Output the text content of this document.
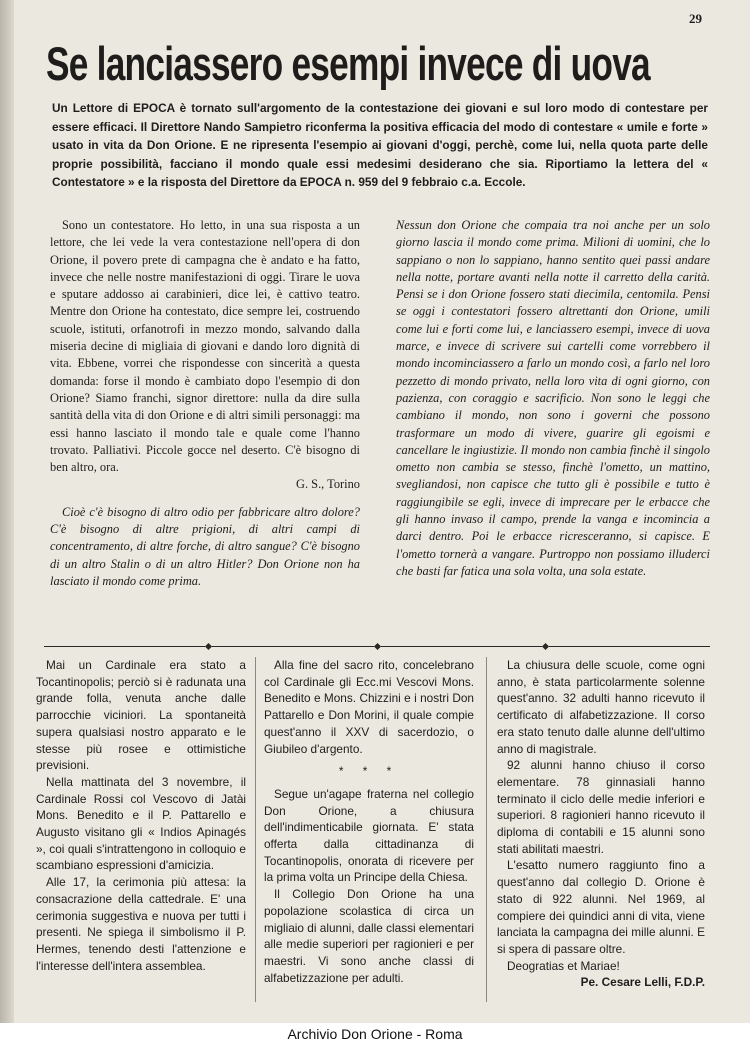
29
Se lanciassero esempi invece di uova

Un Lettore di EPOCA è tornato sull'argomento de la contestazione dei giovani e sul loro modo di contestare per essere efficaci. Il Direttore Nando Sampietro riconferma la positiva efficacia del modo di contestare « umile e forte » usato in vita da Don Orione. E ne ripresenta l'esempio ai giovani d'oggi, perchè, come lui, nella quota parte delle proprie possibilità, facciano il mondo quale essi medesimi desiderano che sia. Riportiamo la lettera del « Contestatore » e la risposta del Direttore da EPOCA n. 959 del 9 febbraio c.a. Eccole.

Sono un contestatore. Ho letto, in una sua risposta a un lettore, che lei vede la vera contestazione nell'opera di don Orione, il povero prete di campagna che è andato e ha fatto, invece che nelle nostre manifestazioni di oggi. Tirare le uova e sputare addosso ai carabinieri, dice lei, è cattivo teatro. Mentre don Orione ha contestato, dice sempre lei, costruendo scuole, istituti, orfanotrofi in mezzo mondo, salvando dalla miseria decine di migliaia di giovani e dando loro dignità di vita. Ebbene, vorrei che rispondesse con sincerità a questa domanda: forse il mondo è cambiato dopo l'esempio di don Orione? Siamo franchi, signor direttore: nulla da dire sulla santità della vita di don Orione e di altri simili personaggi: ma essi hanno lasciato il mondo tale e quale come l'hanno trovato. Palliativi. Piccole gocce nel deserto. C'è bisogno di ben altro, ora.

G. S., Torino

Cioè c'è bisogno di altro odio per fabbricare altro dolore? C'è bisogno di altre prigioni, di altri campi di concentramento, di altre forche, di altro sangue? C'è bisogno di un altro Stalin o di un altro Hitler? Don Orione non ha lasciato il mondo come prima.

Nessun don Orione che compaia tra noi anche per un solo giorno lascia il mondo come prima. Milioni di uomini, che lo sappiano o non lo sappiano, hanno sentito quei passi andare nella notte, portare avanti nella notte il carretto della carità. Pensi se i don Orione fossero stati diecimila, centomila. Pensi se oggi i contestatori fossero altrettanti don Orione, umili come lui e forti come lui, e lanciassero esempi, invece di uova marce, e invece di scrivere sui cartelli come vorrebbero il mondo incominciassero a farlo un mondo così, a farlo nel loro pezzetto di mondo privato, nella loro vita di ogni giorno, con pazienza, con coraggio e sacrificio. Non sono le leggi che cambiano il mondo, non sono i governi che possono trasformare un modo di vivere, guarire gli egoismi e cancellare le ingiustizie. Il mondo non cambia finchè il singolo ometto non cambia se stesso, finchè l'ometto, un mattino, svegliandosi, non capisce che tutto gli è possibile e tutto è raggiungibile se egli, invece di imprecare per le erbacce che gli hanno invaso il campo, prende la vanga e incomincia a darci dentro. Poi le erbacce ricresceranno, si capisce. E l'ometto tornerà a vangare. Purtroppo non possiamo illuderci che basti far fatica una sola volta, una sola estate.

Mai un Cardinale era stato a Tocantinopolis; perciò si è radunata una grande folla, venuta anche dalle parrocchie viciniori. La spontaneità supera qualsiasi nostro apparato e le stesse più rosee e ottimistiche previsioni.

Nella mattinata del 3 novembre, il Cardinale Rossi col Vescovo di Jatài Mons. Benedito e il P. Pattarello e Augusto visitano gli « Indios Apinagés », coi quali s'intrattengono in colloquio e scambiano espressioni d'amicizia.

Alle 17, la cerimonia più attesa: la consacrazione della cattedrale. E' una cerimonia suggestiva e nuova per tutti i presenti. Ne spiega il simbolismo il P. Hermes, tenendo desti l'attenzione e l'interesse dell'intera assemblea.

Alla fine del sacro rito, concelebrano col Cardinale gli Ecc.mi Vescovi Mons. Benedito e Mons. Chizzini e i nostri Don Pattarello e Don Morini, il quale compie quest'anno il XXV di sacerdozio, o Giubileo d'argento.

* * *

Segue un'agape fraterna nel collegio Don Orione, a chiusura dell'indimenticabile giornata. E' stata offerta dalla cittadinanza di Tocantinopolis, onorata di ricevere per la prima volta un Principe della Chiesa.

Il Collegio Don Orione ha una popolazione scolastica di circa un migliaio di alunni, dalle classi elementari alle medie superiori per ragionieri e per maestri. Vi sono anche classi di alfabetizzazione per adulti.

La chiusura delle scuole, come ogni anno, è stata particolarmente solenne quest'anno. 32 adulti hanno ricevuto il certificato di alfabetizzazione. Il corso era stato tenuto dalle alunne dell'ultimo anno di magistrale.

92 alunni hanno chiuso il corso elementare. 78 ginnasiali hanno terminato il ciclo delle medie inferiori e superiori. 8 ragionieri hanno ricevuto il diploma di contabili e 15 alunni sono stati abilitati maestri.

L'esatto numero raggiunto fino a quest'anno dal collegio D. Orione è stato di 922 alunni. Nel 1969, al compiere dei quindici anni di vita, viene lanciata la campagna dei mille alunni. E si spera di passare oltre.

Deogratias et Mariae!

Pe. Cesare Lelli, F.D.P.

Archivio Don Orione - Roma
